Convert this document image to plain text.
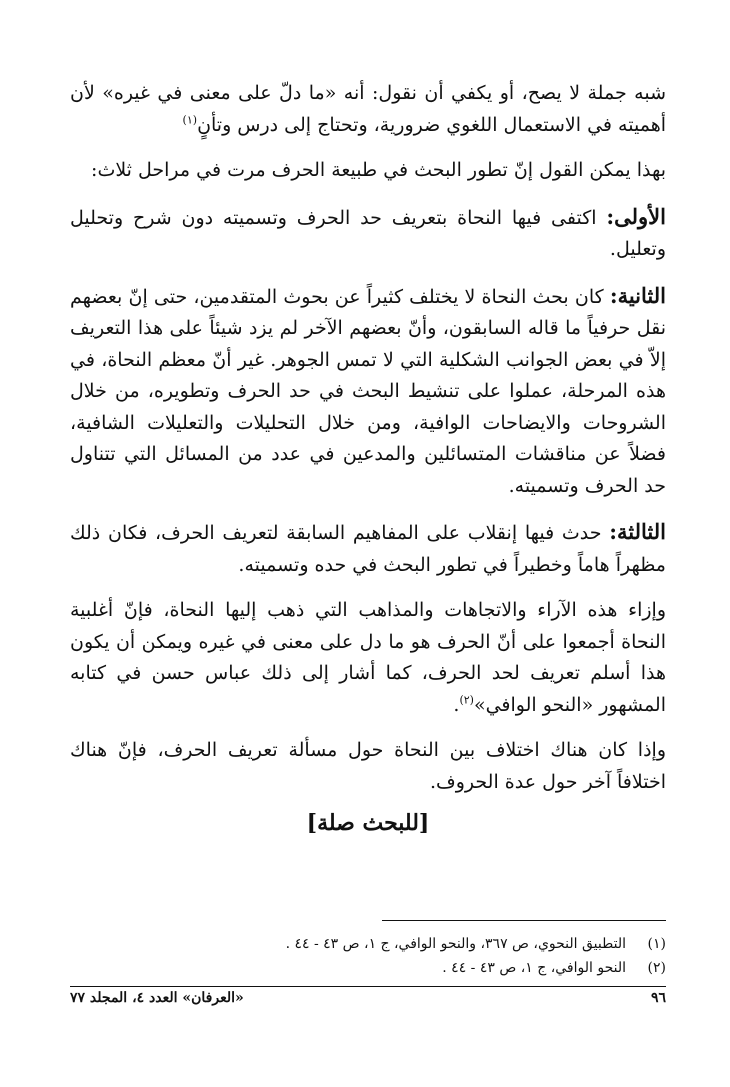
شبه جملة لا يصح، أو يكفي أن نقول: أنه «ما دلّ على معنى في غيره» لأن أهميته في الاستعمال اللغوي ضرورية، وتحتاج إلى درس وتأنٍ$^{(١)}$

بهذا يمكن القول إنّ تطور البحث في طبيعة الحرف مرت في مراحل ثلاث:

الأولى: اكتفى فيها النحاة بتعريف حد الحرف وتسميته دون شرح وتحليل وتعليل.

الثانية: كان بحث النحاة لا يختلف كثيراً عن بحوث المتقدمين، حتى إنّ بعضهم نقل حرفياً ما قاله السابقون، وأنّ بعضهم الآخر لم يزد شيئاً على هذا التعريف إلاّ في بعض الجوانب الشكلية التي لا تمس الجوهر. غير أنّ معظم النحاة، في هذه المرحلة، عملوا على تنشيط البحث في حد الحرف وتطويره، من خلال الشروحات والايضاحات الوافية، ومن خلال التحليلات والتعليلات الشافية، فضلاً عن مناقشات المتسائلين والمدعين في عدد من المسائل التي تتناول حد الحرف وتسميته.

الثالثة: حدث فيها إنقلاب على المفاهيم السابقة لتعريف الحرف، فكان ذلك مظهراً هاماً وخطيراً في تطور البحث في حده وتسميته.

وإزاء هذه الآراء والاتجاهات والمذاهب التي ذهب إليها النحاة، فإنّ أغلبية النحاة أجمعوا على أنّ الحرف هو ما دل على معنى في غيره ويمكن أن يكون هذا أسلم تعريف لحد الحرف، كما أشار إلى ذلك عباس حسن في كتابه المشهور «النحو الوافي»$^{(٢)}$.

وإذا كان هناك اختلاف بين النحاة حول مسألة تعريف الحرف، فإنّ هناك اختلافاً آخر حول عدة الحروف.

[للبحث صلة]
(١)
التطبيق النحوي، ص ٣٦٧، والنحو الوافي، ج ١، ص ٤٣ - ٤٤ .
(٢)
النحو الوافي، ج ١، ص ٤٣ - ٤٤ .
٩٦
«العرفان» العدد ٤، المجلد ٧٧
